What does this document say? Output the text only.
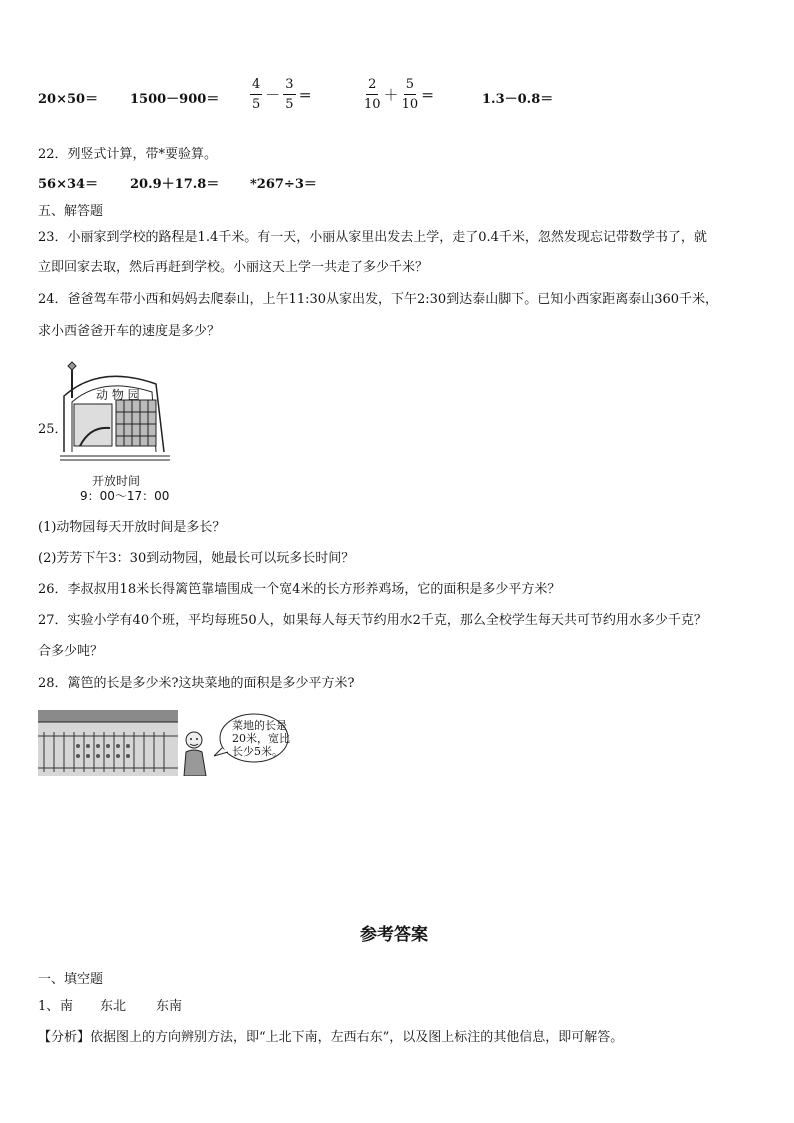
$20\times 50= 1500-900= \frac{4}{5} - \frac{3}{5}$ ＝	$\frac{2}{10} + \frac{5}{10}$ ＝	1.3－0.8＝
22．列竖式计算，带*要验算。
56×34＝ 20.9＋17.8＝ *267÷3＝
五、解答题
23．小丽家到学校的路程是1.4千米。有一天，小丽从家里出发去上学，走了0.4千米，忽然发现忘记带数学书了，就
立即回家去取，然后再赶到学校。小丽这天上学一共走了多少千米？
24．爸爸驾车带小西和妈妈去爬泰山，上午11:30从家出发，下午2:30到达泰山脚下。已知小西家距离泰山360千米，
求小西爸爸开车的速度是多少？
25．
动 物 园
开放时间
9：00～17：00
(1)动物园每天开放时间是多长？
(2)芳芳下午3：30到动物园，她最长可以玩多长时间？
26．李叔叔用18米长得篱笆靠墙围成一个宽4米的长方形养鸡场，它的面积是多少平方米？
27．实验小学有40个班，平均每班50人，如果每人每天节约用水2千克，那么全校学生每天共可节约用水多少千克？
合多少吨？
28．篱笆的长是多少米?这块菜地的面积是多少平方米?
菜地的长是
20米，宽比
长少5米。
参考答案
一、填空题
1、 南 东北 东南
【分析】依据图上的方向辨别方法，即“上北下南，左西右东”，以及图上标注的其他信息，即可解答。
